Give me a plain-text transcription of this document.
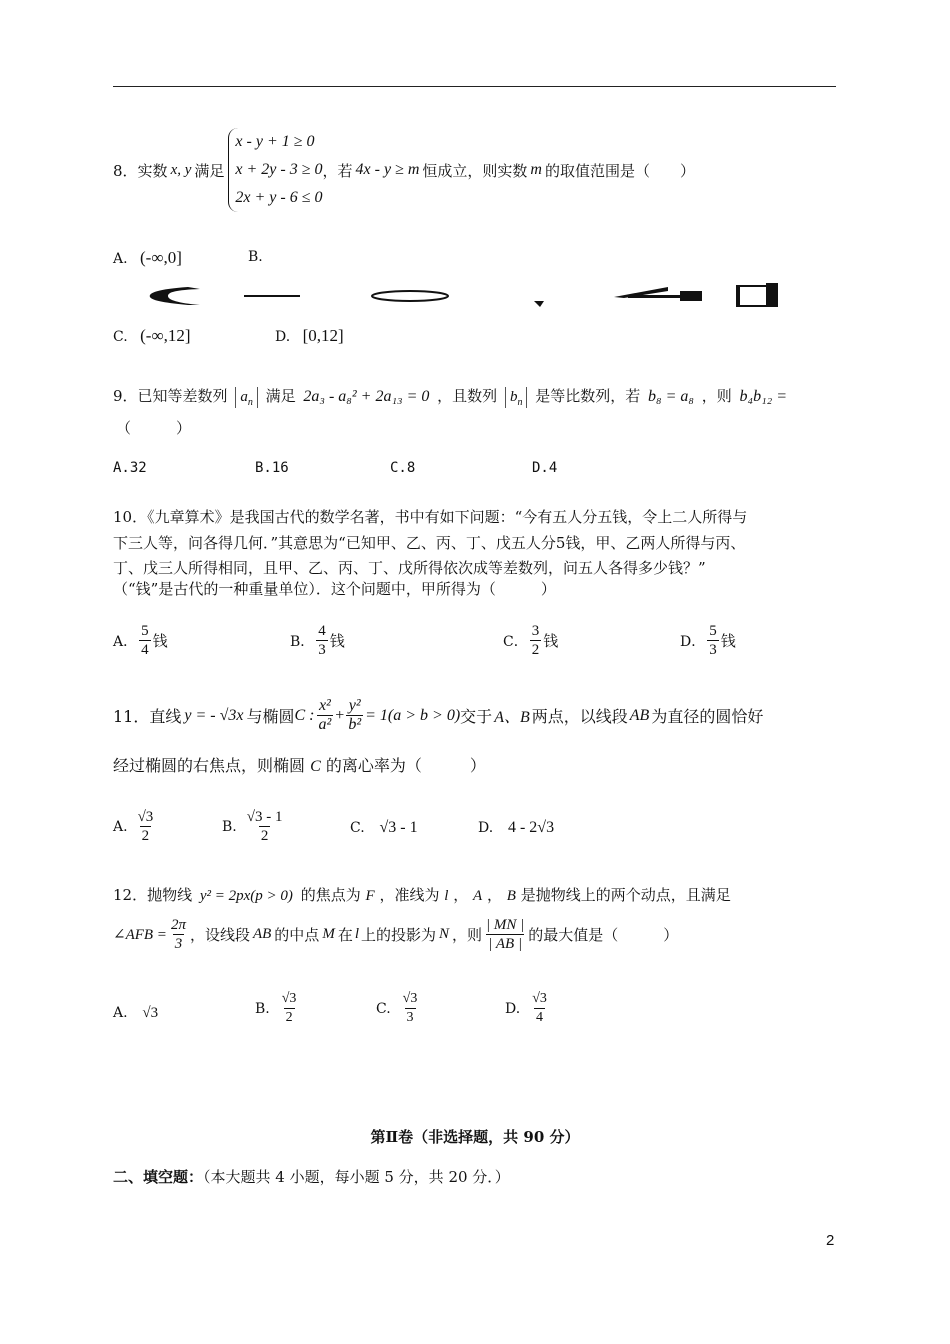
8． 实数 x, y 满足
x - y + 1 ≥ 0
x + 2y - 3 ≥ 0
2x + y - 6 ≤ 0
，若 4x - y ≥ m 恒成立，则实数 m 的取值范围是（　　）
A. (-∞,0]	B.
C. (-∞,12]	D. [0,12]
9．已知等差数列 $a_n$ 满足 2a₃ - a₈² + 2a₁₃ = 0 ，且数列 $b_n$ 是等比数列，若 b₈ = a₈ ，则 b₄b₁₂ =
（　　　）
A.32	B.16	C.8	D.4
10．《九章算术》是我国古代的数学名著，书中有如下问题：“今有五人分五钱，令上二人所得与
下三人等，问各得几何．”其意思为“已知甲、乙、丙、丁、戊五人分5钱，甲、乙两人所得与丙、
丁、戊三人所得相同，且甲、乙、丙、丁、戊所得依次成等差数列，问五人各得多少钱？”
（“钱”是古代的一种重量单位）．这个问题中，甲所得为（　　　）
A． $\frac{5}{4}$ 钱	B． $\frac{4}{3}$ 钱	C． $\frac{3}{2}$ 钱	D． $\frac{5}{3}$ 钱
11．直线 y = - √3x 与椭圆 C : $\frac{\text{x²}}{\text{a²}} + \frac{\text{y²}}{\text{b²}} = 1(a > b > 0)$ 交于 A、B 两点，以线段 AB 为直径的圆恰好
经过椭圆的右焦点，则椭圆 C 的离心率为（　　　）
A. $\frac{√3}{2}$	B. $\frac{√3 - 1}{2}$	C. √3 - 1	D. 4 - 2√3
12．抛物线 y² = 2px(p > 0) 的焦点为 F ，准线为 l ， A ， B 是抛物线上的两个动点，且满足
∠AFB = $\frac{2\pi}{3}$ ，设线段 AB 的中点 M 在 l 上的投影为 N ，则 $\frac{| MN |}{| AB |}$ 的最大值是（　　　）
A. √3	B. $\frac{√3}{2}$	C. $\frac{√3}{3}$	D. $\frac{√3}{4}$
第Ⅱ卷（非选择题，共 90 分）
二、填空题：（本大题共 4 小题，每小题 5 分，共 20 分．）
2
